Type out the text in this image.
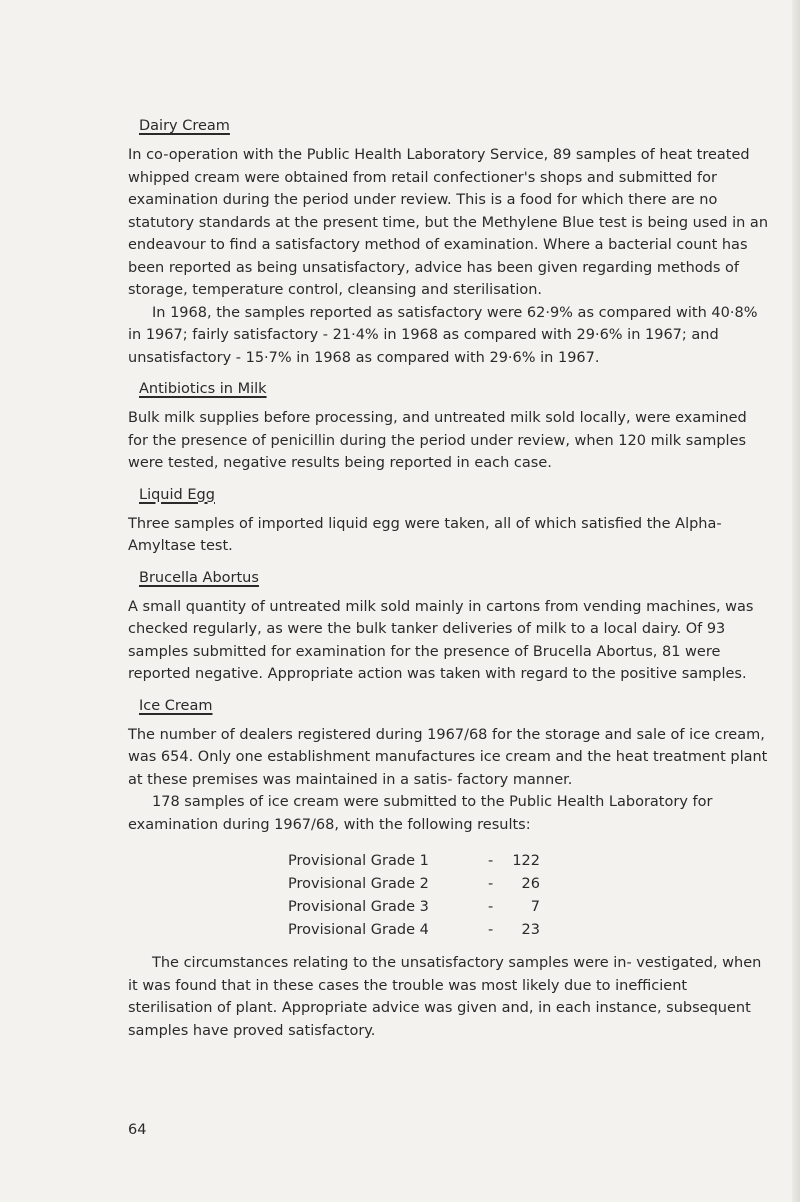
Dairy Cream

In co-operation with the Public Health Laboratory Service, 89 samples of heat treated whipped cream were obtained from retail confectioner's shops and submitted for examination during the period under review. This is a food for which there are no statutory standards at the present time, but the Methylene Blue test is being used in an endeavour to find a satisfactory method of examination. Where a bacterial count has been reported as being unsatisfactory, advice has been given regarding methods of storage, temperature control, cleansing and sterilisation.

In 1968, the samples reported as satisfactory were 62·9% as compared with 40·8% in 1967; fairly satisfactory - 21·4% in 1968 as compared with 29·6% in 1967; and unsatisfactory - 15·7% in 1968 as compared with 29·6% in 1967.

Antibiotics in Milk

Bulk milk supplies before processing, and untreated milk sold locally, were examined for the presence of penicillin during the period under review, when 120 milk samples were tested, negative results being reported in each case.

Liquid Egg

Three samples of imported liquid egg were taken, all of which satisfied the Alpha-Amyltase test.

Brucella Abortus

A small quantity of untreated milk sold mainly in cartons from vending machines, was checked regularly, as were the bulk tanker deliveries of milk to a local dairy. Of 93 samples submitted for examination for the presence of Brucella Abortus, 81 were reported negative. Appropriate action was taken with regard to the positive samples.

Ice Cream

The number of dealers registered during 1967/68 for the storage and sale of ice cream, was 654. Only one establishment manufactures ice cream and the heat treatment plant at these premises was maintained in a satis- factory manner.

178 samples of ice cream were submitted to the Public Health Laboratory for examination during 1967/68, with the following results:

Provisional Grade 1	-	122
Provisional Grade 2	-	26
Provisional Grade 3	-	7
Provisional Grade 4	-	23

The circumstances relating to the unsatisfactory samples were in- vestigated, when it was found that in these cases the trouble was most likely due to inefficient sterilisation of plant. Appropriate advice was given and, in each instance, subsequent samples have proved satisfactory.

64
